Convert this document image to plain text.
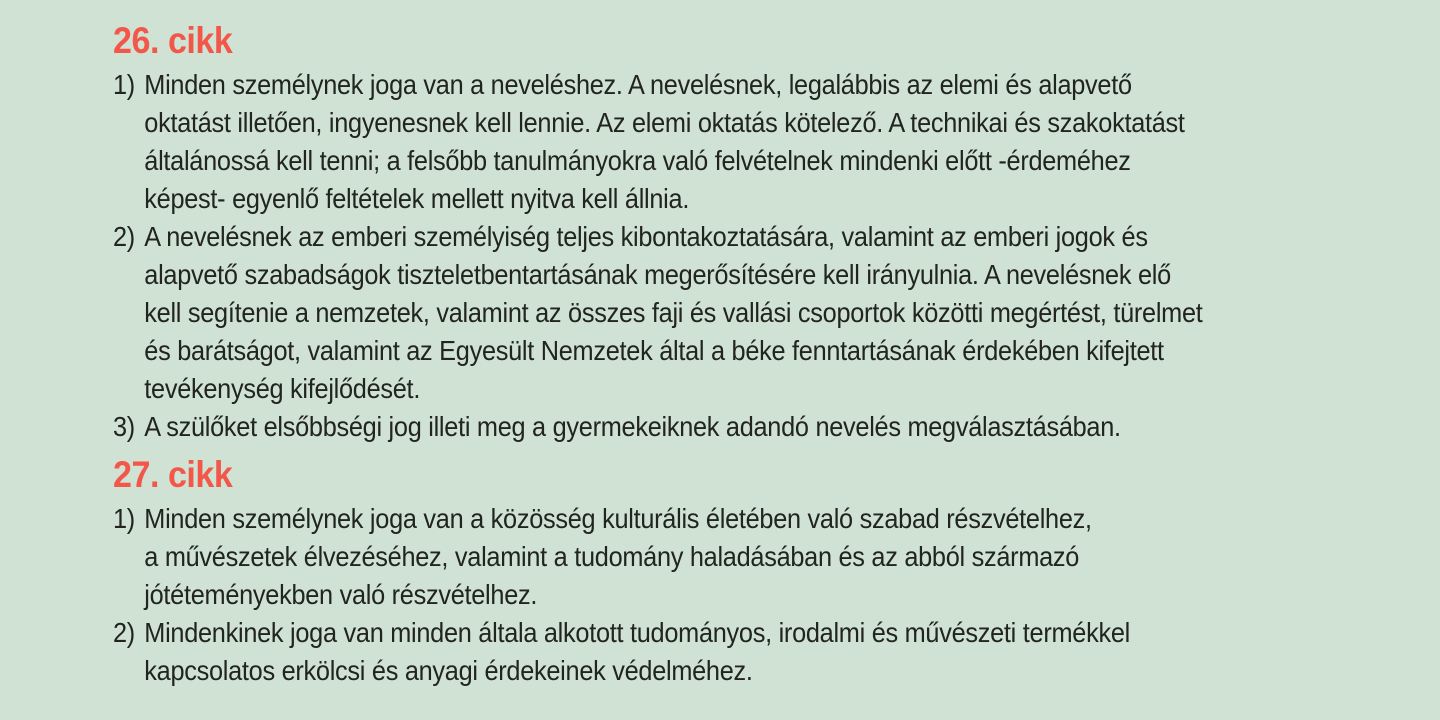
26. cikk
1) Minden személynek joga van a neveléshez. A nevelésnek, legalábbis az elemi és alapvető
oktatást illetően, ingyenesnek kell lennie. Az elemi oktatás kötelező. A technikai és szakoktatást
általánossá kell tenni; a felsőbb tanulmányokra való felvételnek mindenki előtt -érdeméhez
képest- egyenlő feltételek mellett nyitva kell állnia.
2) A nevelésnek az emberi személyiség teljes kibontakoztatására, valamint az emberi jogok és
alapvető szabadságok tiszteletbentartásának megerősítésére kell irányulnia. A nevelésnek elő
kell segítenie a nemzetek, valamint az összes faji és vallási csoportok közötti megértést, türelmet
és barátságot, valamint az Egyesült Nemzetek által a béke fenntartásának érdekében kifejtett
tevékenység kifejlődését.
3) A szülőket elsőbbségi jog illeti meg a gyermekeiknek adandó nevelés megválasztásában.
27. cikk
1) Minden személynek joga van a közösség kulturális életében való szabad részvételhez,
a művészetek élvezéséhez, valamint a tudomány haladásában és az abból származó
jótéteményekben való részvételhez.
2) Mindenkinek joga van minden általa alkotott tudományos, irodalmi és művészeti termékkel
kapcsolatos erkölcsi és anyagi érdekeinek védelméhez.
